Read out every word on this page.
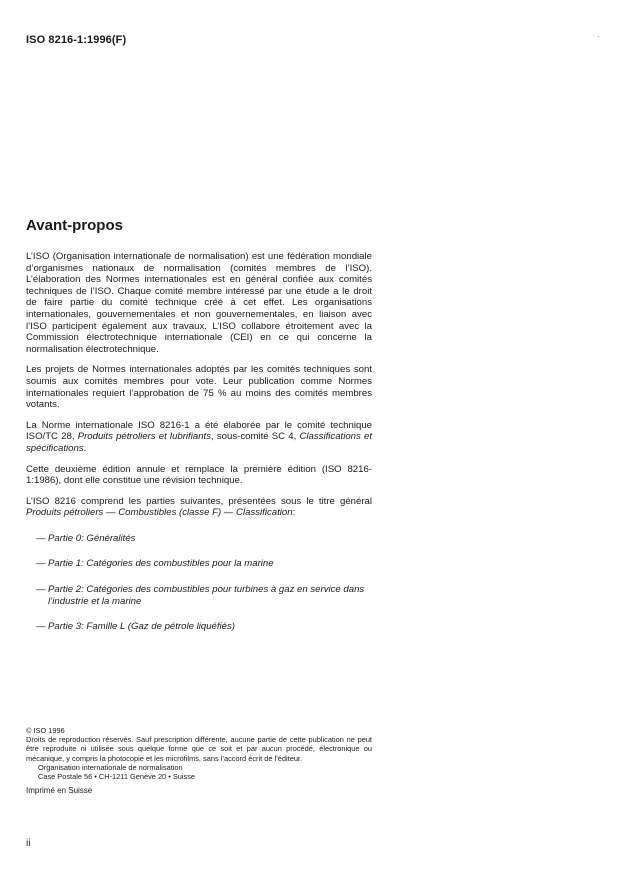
ISO 8216-1:1996(F)	·
Avant-propos

L’ISO (Organisation internationale de normalisation) est une fédération mondiale d’organismes nationaux de normalisation (comités membres de l’ISO). L’élaboration des Normes internationales est en général confiée aux comités techniques de l’ISO. Chaque comité membre intéressé par une étude a le droit de faire partie du comité technique créé à cet effet. Les organisations internationales, gouvernementales et non gouvernementales, en liaison avec l’ISO participent également aux travaux. L’ISO collabore étroitement avec la Commission électrotechnique internationale (CEI) en ce qui concerne la normalisation électrotechnique.

Les projets de Normes internationales adoptés par les comités techniques sont soumis aux comités membres pour vote. Leur publication comme Normes internationales requiert l’approbation de 75 % au moins des comités membres votants.

La Norme internationale ISO 8216-1 a été élaborée par le comité technique ISO/TC 28, Produits pétroliers et lubrifiants, sous-comité SC 4, Classifications et spécifications.

Cette deuxième édition annule et remplace la première édition (ISO 8216-1:1986), dont elle constitue une révision technique.

L’ISO 8216 comprend les parties suivantes, présentées sous le titre général Produits pétroliers — Combustibles (classe F) — Classification:

—
Partie 0: Généralités
—
Partie 1: Catégories des combustibles pour la marine
—
Partie 2: Catégories des combustibles pour turbines à gaz en service dans l’industrie et la marine
—
Partie 3: Famille L (Gaz de pétrole liquéfiés)

© ISO 1996

Droits de reproduction réservés. Sauf prescription différente, aucune partie de cette publication ne peut être reproduite ni utilisée sous quelque forme que ce soit et par aucun procédé, électronique ou mécanique, y compris la photocopie et les microfilms, sans l’accord écrit de l’éditeur.

Organisation internationale de normalisation

Case Postale 56 • CH-1211 Genève 20 • Suisse

Imprimé en Suisse

ii
